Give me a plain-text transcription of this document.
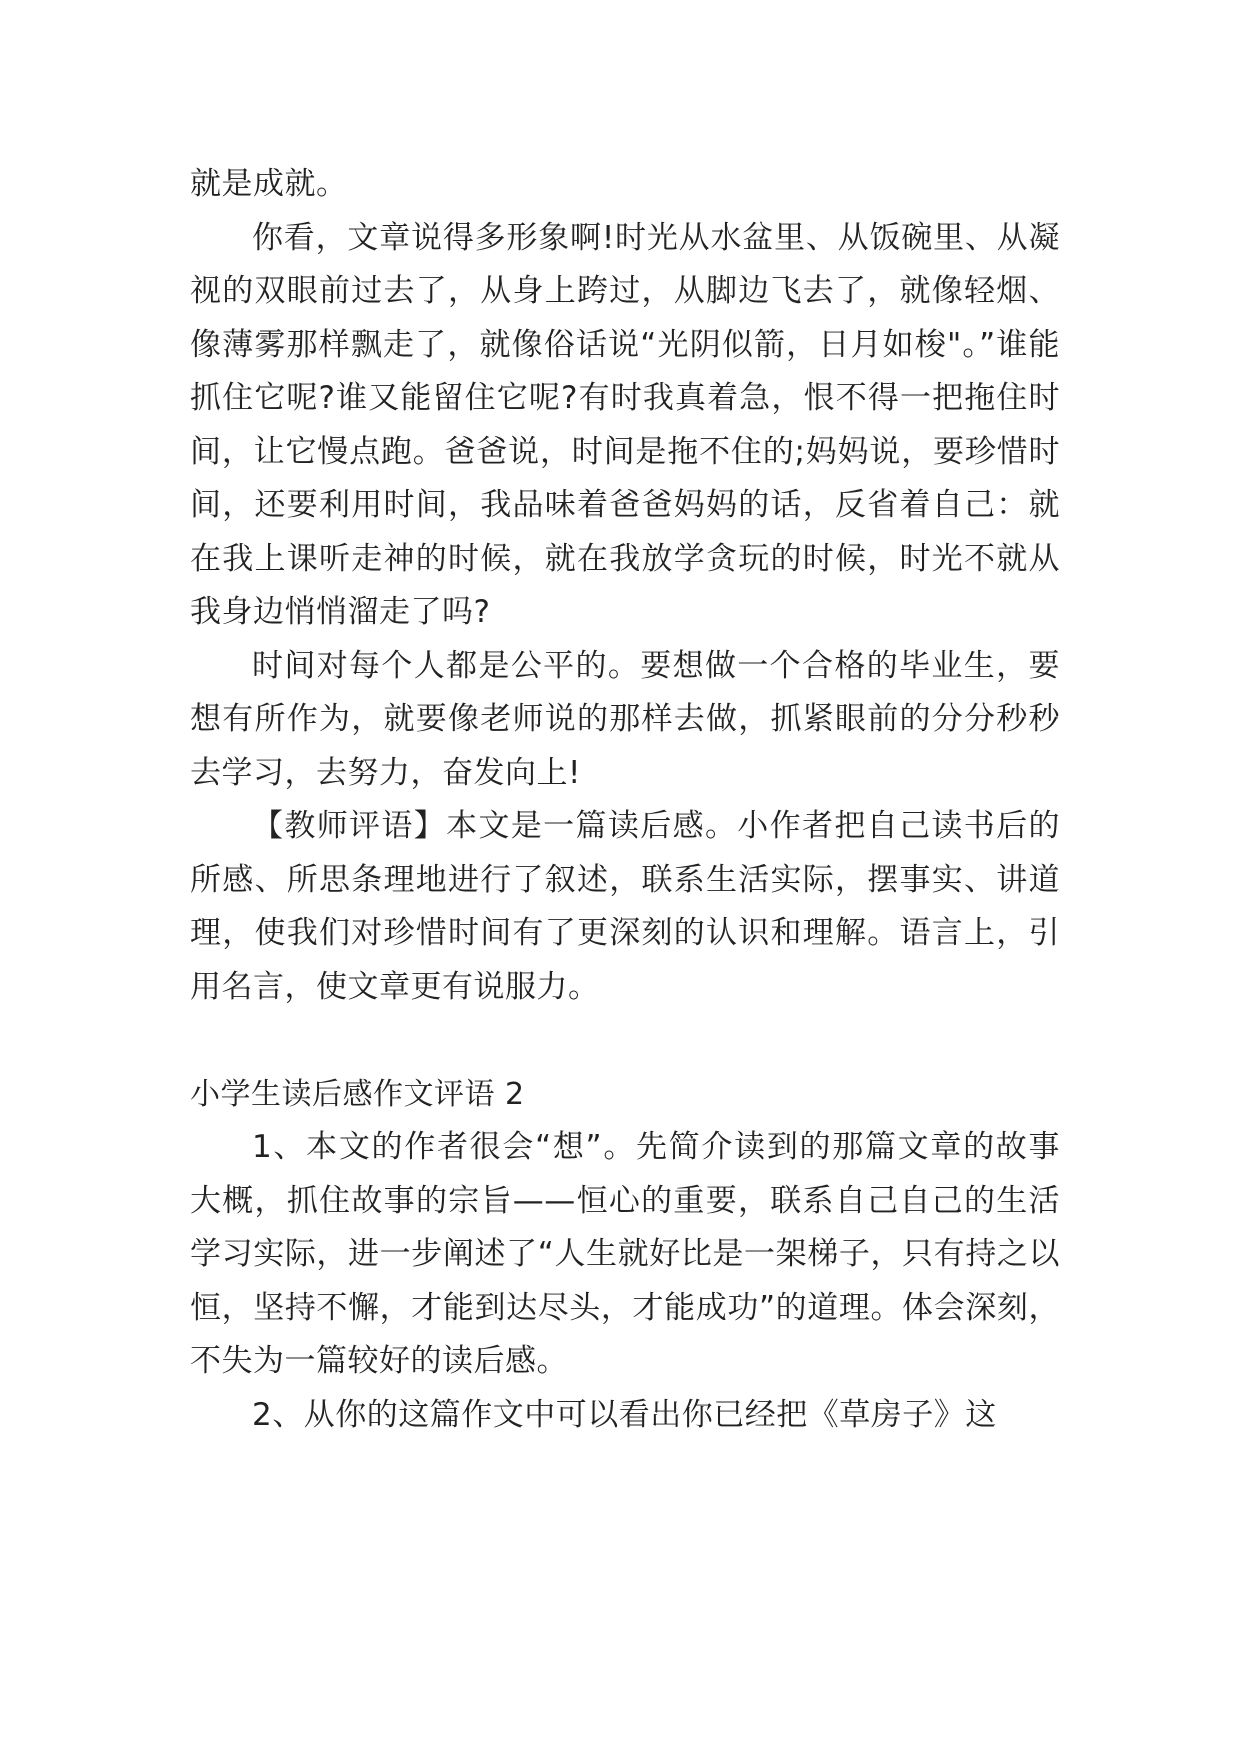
就是成就。

你看，文章说得多形象啊!时光从水盆里、从饭碗里、从凝视的双眼前过去了，从身上跨过，从脚边飞去了，就像轻烟、像薄雾那样飘走了，就像俗话说“光阴似箭，日月如梭"。”谁能抓住它呢?谁又能留住它呢?有时我真着急，恨不得一把拖住时间，让它慢点跑。爸爸说，时间是拖不住的;妈妈说，要珍惜时间，还要利用时间，我品味着爸爸妈妈的话，反省着自己：就在我上课听走神的时候，就在我放学贪玩的时候，时光不就从我身边悄悄溜走了吗?

时间对每个人都是公平的。要想做一个合格的毕业生，要想有所作为，就要像老师说的那样去做，抓紧眼前的分分秒秒去学习，去努力，奋发向上!

【教师评语】本文是一篇读后感。小作者把自己读书后的所感、所思条理地进行了叙述，联系生活实际，摆事实、讲道理，使我们对珍惜时间有了更深刻的认识和理解。语言上，引用名言，使文章更有说服力。

小学生读后感作文评语 2

1、本文的作者很会“想”。先简介读到的那篇文章的故事大概，抓住故事的宗旨——恒心的重要，联系自己自己的生活学习实际，进一步阐述了“人生就好比是一架梯子，只有持之以恒，坚持不懈，才能到达尽头，才能成功”的道理。体会深刻，不失为一篇较好的读后感。

2、从你的这篇作文中可以看出你已经把《草房子》这
